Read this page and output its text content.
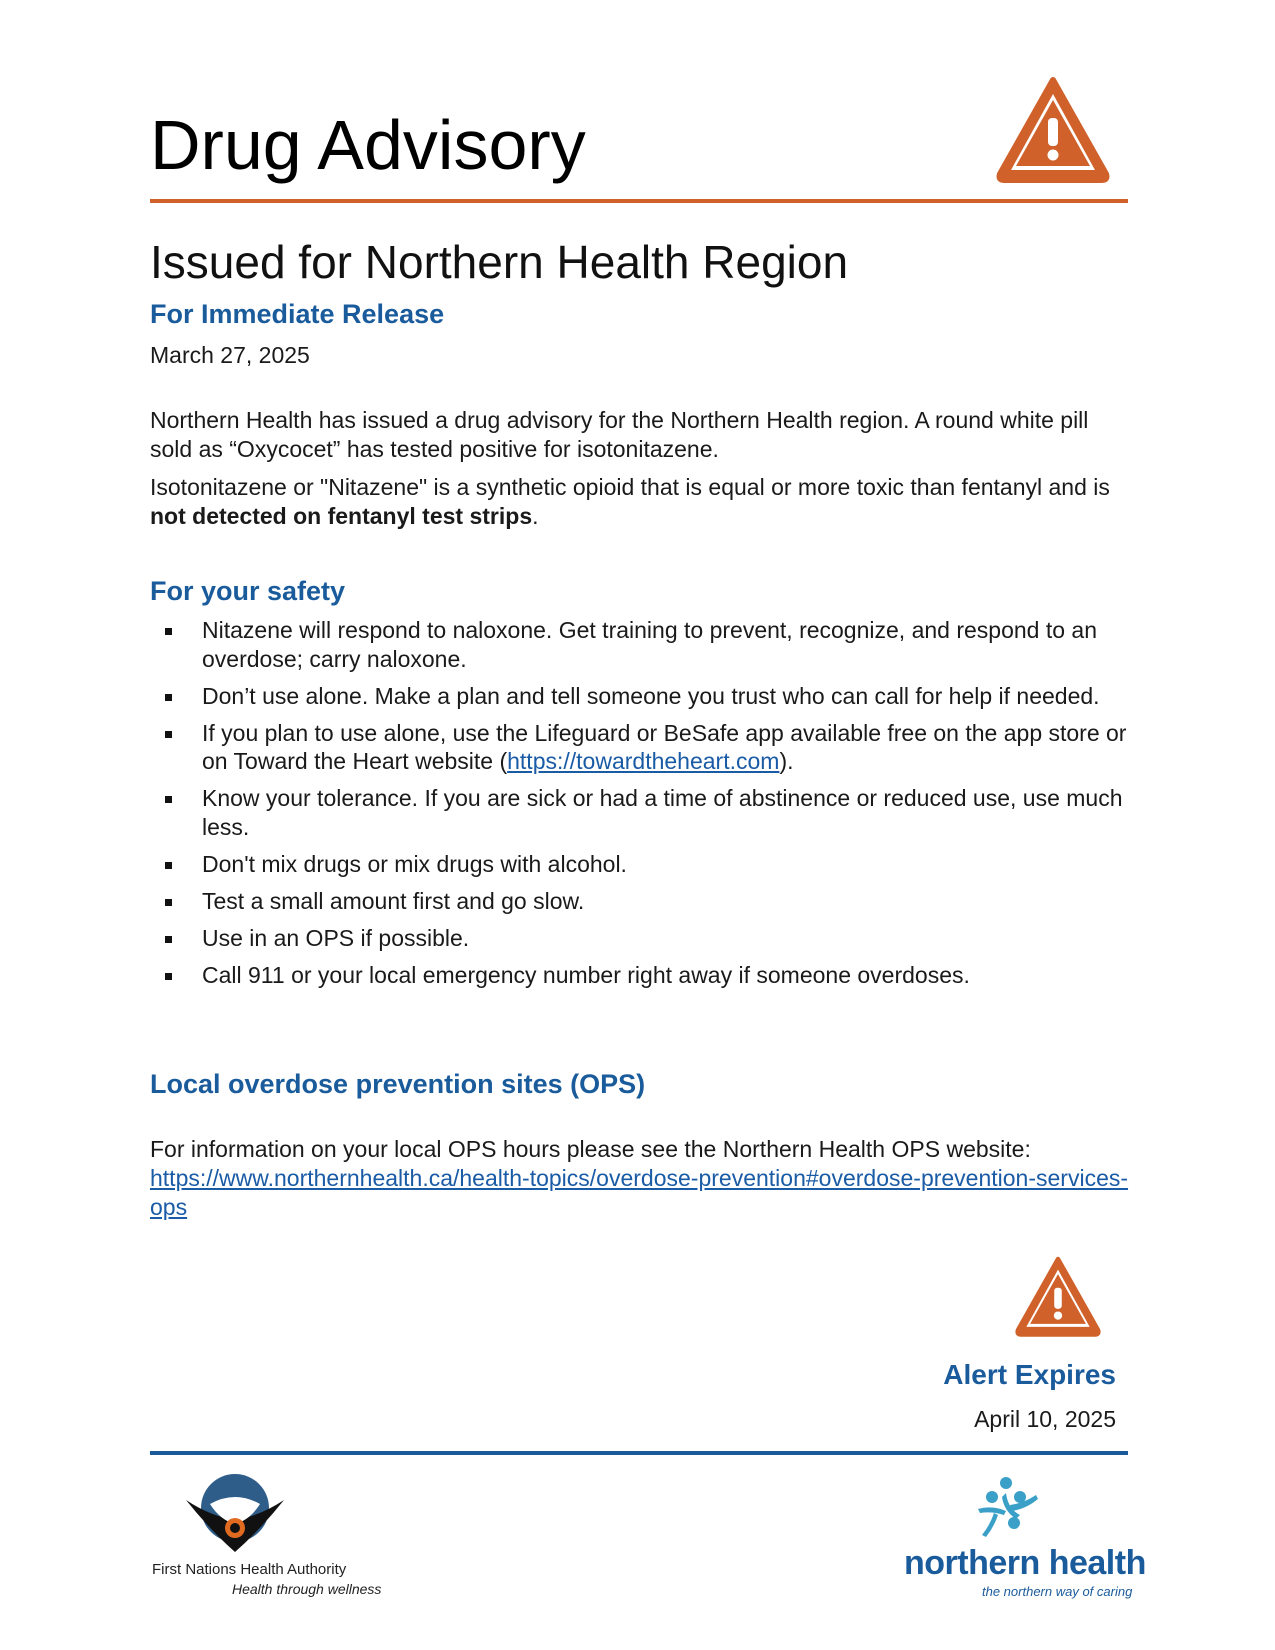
Drug Advisory
Issued for Northern Health Region
For Immediate Release
March 27, 2025
Northern Health has issued a drug advisory for the Northern Health region. A round white pill sold as “Oxycocet” has tested positive for isotonitazene.
Isotonitazene or "Nitazene" is a synthetic opioid that is equal or more toxic than fentanyl and is not detected on fentanyl test strips.
For your safety
Nitazene will respond to naloxone. Get training to prevent, recognize, and respond to an overdose; carry naloxone.
Don’t use alone. Make a plan and tell someone you trust who can call for help if needed.
If you plan to use alone, use the Lifeguard or BeSafe app available free on the app store or on Toward the Heart website (https://towardtheheart.com).
Know your tolerance. If you are sick or had a time of abstinence or reduced use, use much less.
Don't mix drugs or mix drugs with alcohol.
Test a small amount first and go slow.
Use in an OPS if possible.
Call 911 or your local emergency number right away if someone overdoses.
Local overdose prevention sites (OPS)
For information on your local OPS hours please see the Northern Health OPS website: https://www.northernhealth.ca/health-topics/overdose-prevention#overdose-prevention-services-ops
Alert Expires
April 10, 2025
First Nations Health Authority
Health through wellness
northern health
the northern way of caring
